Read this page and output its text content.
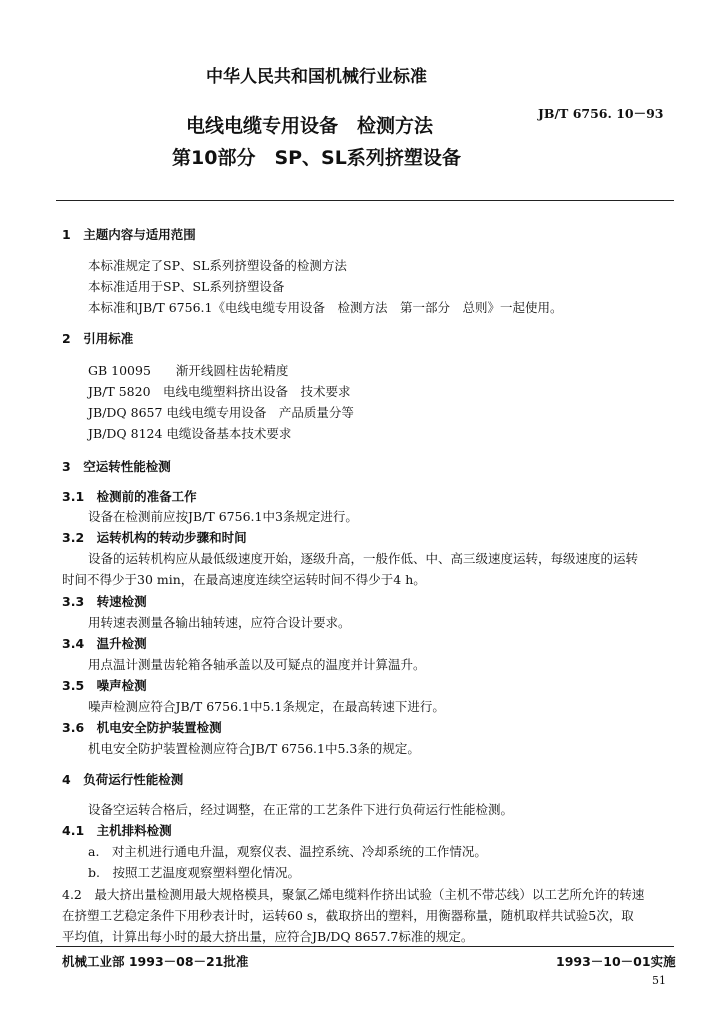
中华人民共和国机械行业标准
电线电缆专用设备　检测方法
JB/T 6756. 10－93
第10部分　SP、SL系列挤塑设备
1　主题内容与适用范围
本标准规定了SP、SL系列挤塑设备的检测方法
本标准适用于SP、SL系列挤塑设备
本标准和JB/T 6756.1《电线电缆专用设备　检测方法　第一部分　总则》一起使用。
2　引用标准
GB 10095　　渐开线圆柱齿轮精度
JB/T 5820　电线电缆塑料挤出设备　技术要求
JB/DQ 8657 电线电缆专用设备　产品质量分等
JB/DQ 8124 电缆设备基本技术要求
3　空运转性能检测
3.1　检测前的准备工作
设备在检测前应按JB/T 6756.1中3条规定进行。
3.2　运转机构的转动步骤和时间
设备的运转机构应从最低级速度开始，逐级升高，一般作低、中、高三级速度运转，每级速度的运转
时间不得少于30 min，在最高速度连续空运转时间不得少于4 h。
3.3　转速检测
用转速表测量各输出轴转速，应符合设计要求。
3.4　温升检测
用点温计测量齿轮箱各轴承盖以及可疑点的温度并计算温升。
3.5　噪声检测
噪声检测应符合JB/T 6756.1中5.1条规定，在最高转速下进行。
3.6　机电安全防护装置检测
机电安全防护装置检测应符合JB/T 6756.1中5.3条的规定。
4　负荷运行性能检测
设备空运转合格后，经过调整，在正常的工艺条件下进行负荷运行性能检测。
4.1　主机排料检测
a.　对主机进行通电升温，观察仪表、温控系统、冷却系统的工作情况。
b.　按照工艺温度观察塑料塑化情况。
4.2　最大挤出量检测用最大规格模具，聚氯乙烯电缆料作挤出试验（主机不带芯线）以工艺所允许的转速
在挤塑工艺稳定条件下用秒表计时，运转60 s，截取挤出的塑料，用衡器称量，随机取样共试验5次，取
平均值，计算出每小时的最大挤出量，应符合JB/DQ 8657.7标准的规定。
机械工业部 1993－08－21批准	1993－10－01实施
51
